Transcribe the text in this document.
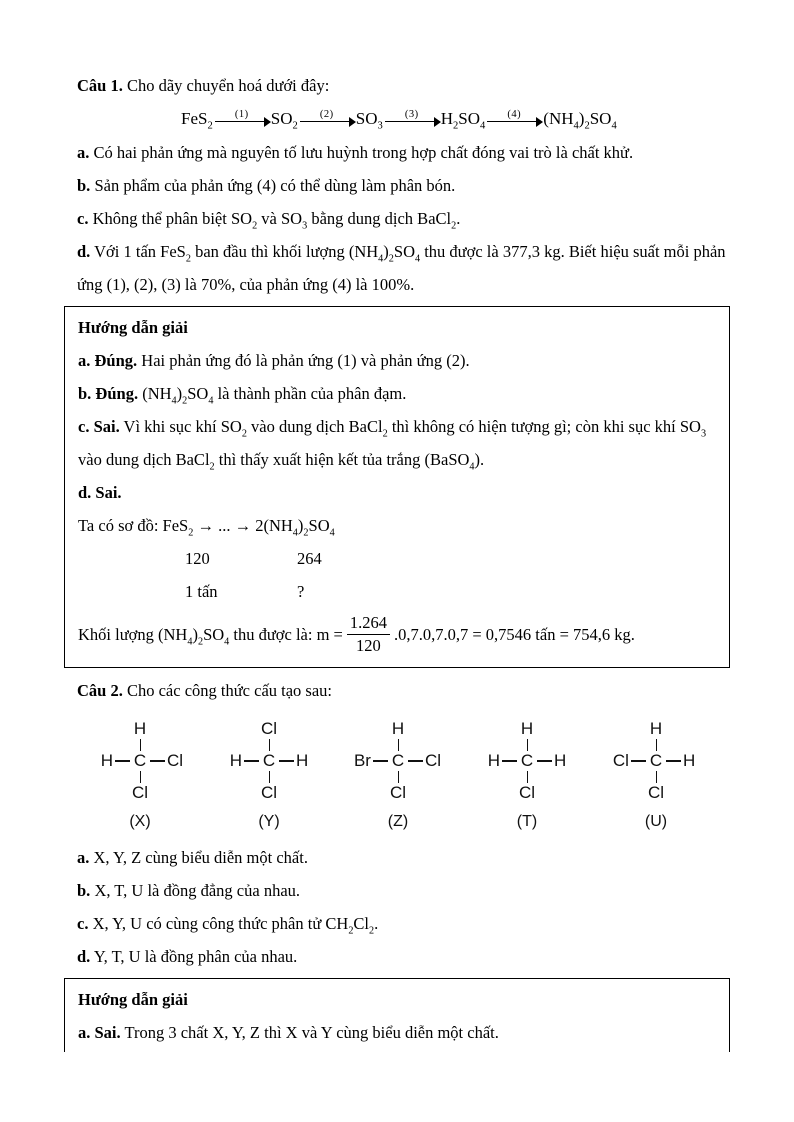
Câu 1. Cho dãy chuyển hoá dưới đây:

FeS$_2$
(1) $SO_2$
(2) $SO_3$
(3) $H_2SO_4$
(4) $(NH_4)_2SO_4$

a. Có hai phản ứng mà nguyên tố lưu huỳnh trong hợp chất đóng vai trò là chất khử.

b. Sản phẩm của phản ứng (4) có thể dùng làm phân bón.

c. Không thể phân biệt $SO_2$ và $SO_3$ bằng dung dịch BaCl$_2$.

d. Với 1 tấn FeS$_2$ ban đầu thì khối lượng $(NH_4)_2SO_4$ thu được là 377,3 kg. Biết hiệu suất mỗi phản ứng (1), (2), (3) là 70%, của phản ứng (4) là 100%.

Hướng dẫn giải

a. Đúng. Hai phản ứng đó là phản ứng (1) và phản ứng (2).

b. Đúng. $(NH_4)_2SO_4$ là thành phần của phân đạm.

c. Sai. Vì khi sục khí $SO_2$ vào dung dịch BaCl$_2$ thì không có hiện tượng gì; còn khi sục khí $SO_3$ vào dung dịch BaCl$_2$ thì thấy xuất hiện kết tủa trắng (BaSO$_4$).

d. Sai.

Ta có sơ đồ: FeS$_2$ → ... → $2(NH_4)_2SO_4$

120	264
1 tấn	?
Khối lượng $(NH_4)_2SO_4$ thu được là: $m = \frac{1.264}{120} .0,7.0,7.0,7 = 0,7546$ tấn = 754,6 kg.

Câu 2. Cho các công thức cấu tạo sau:

H
H C Cl
Cl
(X)
Cl
H C H
Cl
(Y)
H
Br C Cl
Cl
(Z)
H
H C H
Cl
(T)
H
Cl C H
Cl
(U)

a. X, Y, Z cùng biểu diễn một chất.

b. X, T, U là đồng đẳng của nhau.

c. X, Y, U có cùng công thức phân tử $CH_2Cl_2$.

d. Y, T, U là đồng phân của nhau.

Hướng dẫn giải

a. Sai. Trong 3 chất X, Y, Z thì X và Y cùng biểu diễn một chất.
